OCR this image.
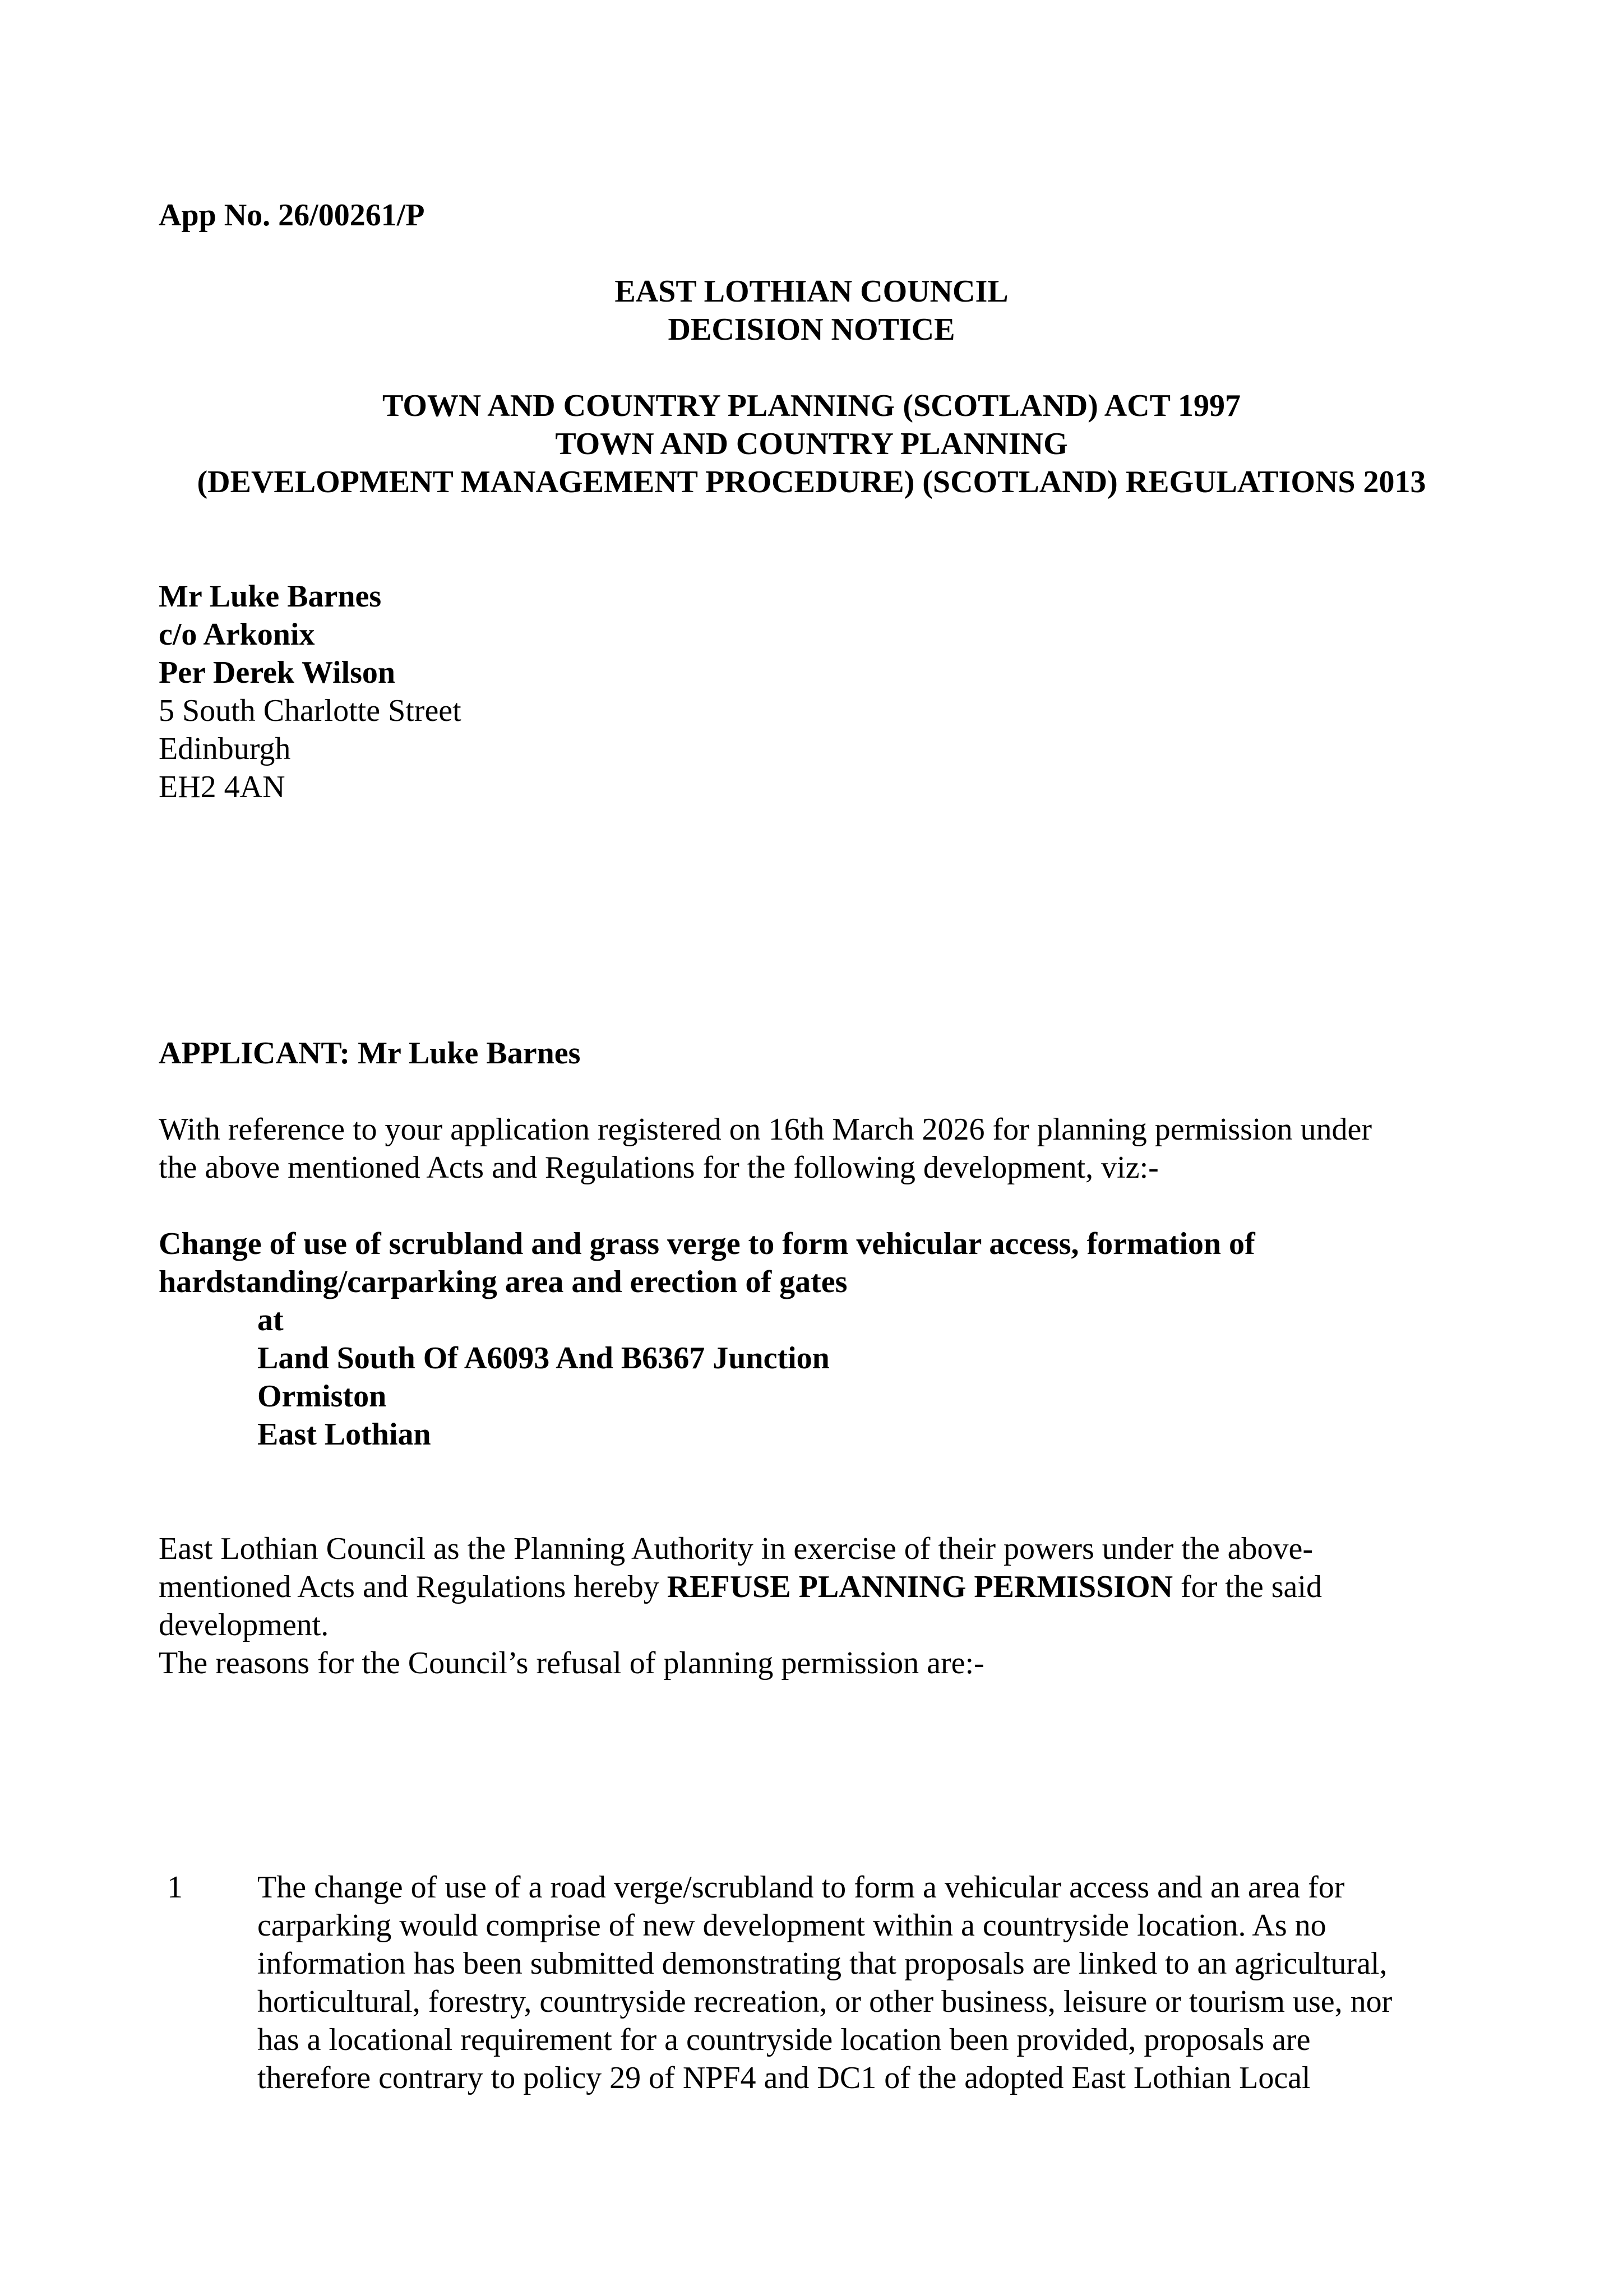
App No. 26/00261/P

EAST LOTHIAN COUNCIL
DECISION NOTICE
TOWN AND COUNTRY PLANNING (SCOTLAND) ACT 1997
TOWN AND COUNTRY PLANNING
(DEVELOPMENT MANAGEMENT PROCEDURE) (SCOTLAND) REGULATIONS 2013
Mr Luke Barnes
c/o Arkonix
Per Derek Wilson
5 South Charlotte Street
Edinburgh
EH2 4AN

APPLICANT: Mr Luke Barnes

With reference to your application registered on 16th March 2026 for planning permission under
the above mentioned Acts and Regulations for the following development, viz:-
Change of use of scrubland and grass verge to form vehicular access, formation of
hardstanding/carparking area and erection of gates
at
Land South Of A6093 And B6367 Junction
Ormiston
East Lothian
East Lothian Council as the Planning Authority in exercise of their powers under the above-
mentioned Acts and Regulations hereby REFUSE PLANNING PERMISSION for the said
development.

The reasons for the Council’s refusal of planning permission are:-

1 The change of use of a road verge/scrubland to form a vehicular access and an area for
carparking would comprise of new development within a countryside location. As no
information has been submitted demonstrating that proposals are linked to an agricultural,
horticultural, forestry, countryside recreation, or other business, leisure or tourism use, nor
has a locational requirement for a countryside location been provided, proposals are
therefore contrary to policy 29 of NPF4 and DC1 of the adopted East Lothian Local
